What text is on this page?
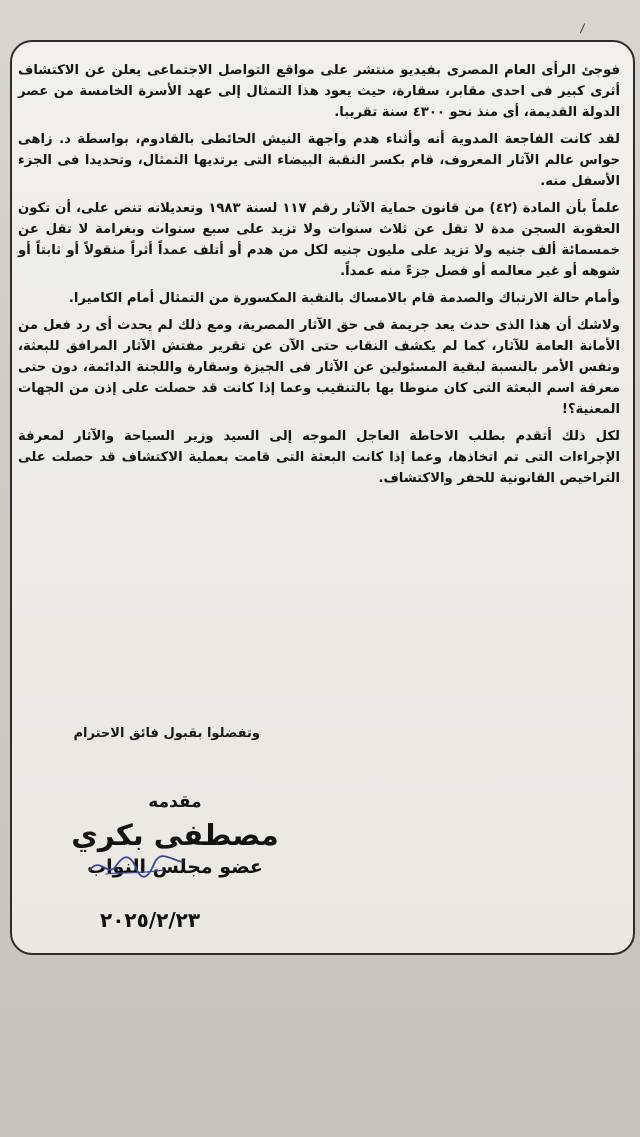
⸝

فوجئ الرأى العام المصرى بفيديو منتشر على مواقع التواصل الاجتماعى يعلن عن الاكتشاف أثرى كبير فى احدى مقابر، سقارة، حيث يعود هذا التمثال إلى عهد الأسرة الخامسة من عصر الدولة القديمة، أى منذ نحو ٤٣٠٠ سنة تقريبا.

لقد كانت الفاجعة المدوية أنه وأثناء هدم واجهة النيش الحائطى بالقادوم، بواسطة د. زاهى حواس عالم الآثار المعروف، قام بكسر النقبة البيضاء التى يرتديها التمثال، وتحديدا فى الجزء الأسفل منه.

علماً بأن المادة (٤٢) من قانون حماية الآثار رقم ١١٧ لسنة ١٩٨٣ وتعديلاته تنص على، أن تكون العقوبة السجن مدة لا تقل عن ثلاث سنوات ولا تزيد على سبع سنوات وبغرامة لا تقل عن خمسمائة ألف جنيه ولا تزيد على مليون جنيه لكل من هدم أو أتلف عمداً أثراً منقولاً أو ثابتاً أو شوهه أو غير معالمه أو فصل جزءً منه عمداً.

وأمام حالة الارتباك والصدمة قام بالامساك بالنقبة المكسورة من التمثال أمام الكاميرا.

ولاشك أن هذا الذى حدث يعد جريمة فى حق الآثار المصرية، ومع ذلك لم يحدث أى رد فعل من الأمانة العامة للآثار، كما لم يكشف النقاب حتى الآن عن تقرير مفتش الآثار المرافق للبعثة، ونفس الأمر بالنسبة لبقية المسئولين عن الآثار فى الجيزة وسقارة واللجنة الدائمة، دون حتى معرفة اسم البعثة التى كان منوطا بها بالتنقيب وعما إذا كانت قد حصلت على إذن من الجهات المعنية؟!

لكل ذلك أتقدم بطلب الاحاطة العاجل الموجه إلى السيد وزير السياحة والآثار لمعرفة الإجراءات التى تم اتخاذها، وعما إذا كانت البعثة التى قامت بعملية الاكتشاف قد حصلت على التراخيص القانونية للحفر والاكتشاف.

وتفضلوا بقبول فائق الاحترام
مقدمه
مصطفى بكري
عضو مجلس النواب
٢٠٢٥/٢/٢٣
